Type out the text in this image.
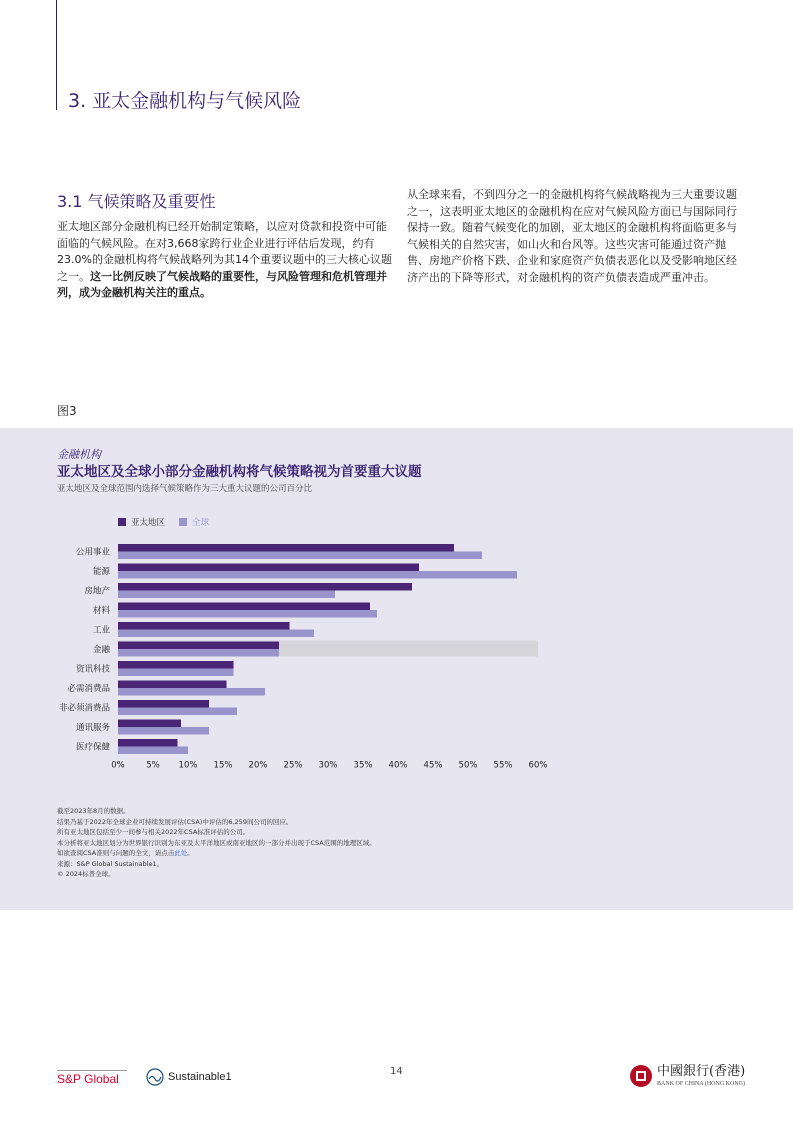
3. 亚太金融机构与气候风险
3.1 气候策略及重要性

亚太地区部分金融机构已经开始制定策略，以应对贷款和投资中可能面临的气候风险。在对3,668家跨行业企业进行评估后发现，约有23.0%的金融机构将气候战略列为其14个重要议题中的三大核心议题之一。这一比例反映了气候战略的重要性，与风险管理和危机管理并列，成为金融机构关注的重点。

从全球来看，不到四分之一的金融机构将气候战略视为三大重要议题之一，这表明亚太地区的金融机构在应对气候风险方面已与国际同行保持一致。随着气候变化的加剧，亚太地区的金融机构将面临更多与气候相关的自然灾害，如山火和台风等。这些灾害可能通过资产抛售、房地产价格下跌、企业和家庭资产负债表恶化以及受影响地区经济产出的下降等形式，对金融机构的资产负债表造成严重冲击。

图3
金融机构
亚太地区及全球小部分金融机构将气候策略视为首要重大议题
亚太地区及全球范围内选择气候策略作为三大重大议题的公司百分比
亚太地区	全球
公用事业
能源
房地产
材料
工业
金融
资讯科技
必需消费品
非必须消费品
通讯服务
医疗保健
0%	5% 10% 15% 20% 25% 30% 35% 40% 45% 50% 55% 60%
截至2023年8月的数据。
结果乃基于2022年全球企业可持续发展评估(CSA)中评估的6,259间公司的回应。
所有亚太地区包括至少一间参与相关2022年CSA标准评估的公司。
本分析将亚太地区划分为世界银行识别为东亚及太平洋地区或南亚地区的一部分并出现于CSA范围的地理区域。
如欲查阅CSA准则与问题的全文，请点击此处。
来源：S&P Global Sustainable1。
© 2024标普全球。
S&P Global	Sustainable1	14	中國銀行(香港)
BANK OF CHINA (HONG KONG)
